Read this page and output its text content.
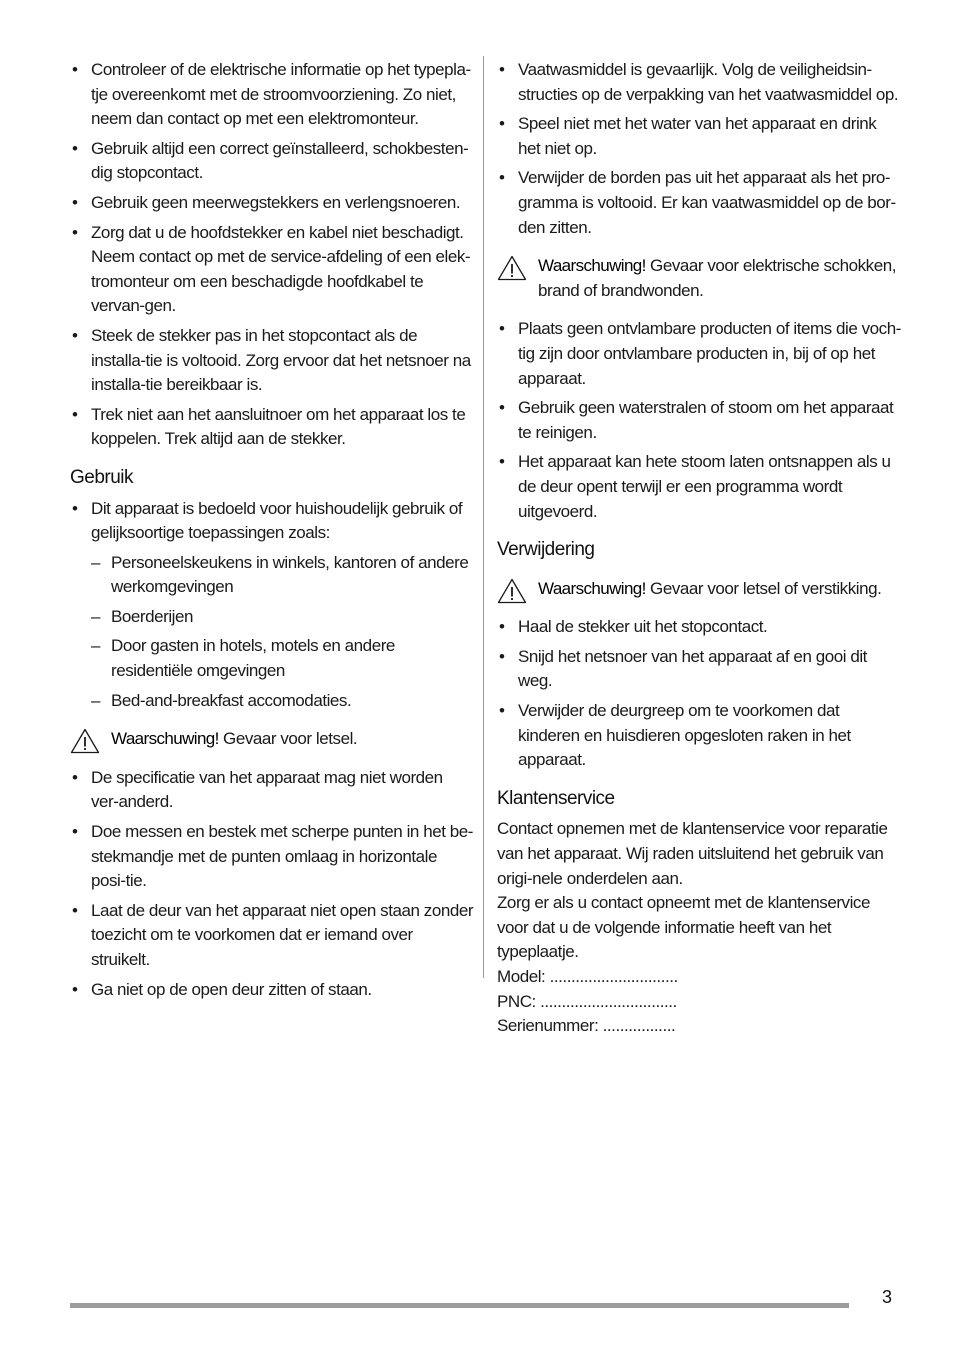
• Controleer of de elektrische informatie op het typepla-tje overeenkomt met de stroomvoorziening. Zo niet, neem dan contact op met een elektromonteur.
• Gebruik altijd een correct geïnstalleerd, schokbesten-dig stopcontact.
• Gebruik geen meerwegstekkers en verlengsnoeren.
• Zorg dat u de hoofdstekker en kabel niet beschadigt. Neem contact op met de service-afdeling of een elek-tromonteur om een beschadigde hoofdkabel te vervan-gen.
• Steek de stekker pas in het stopcontact als de installa-tie is voltooid. Zorg ervoor dat het netsnoer na installa-tie bereikbaar is.
• Trek niet aan het aansluitnoer om het apparaat los te koppelen. Trek altijd aan de stekker.
Gebruik
• Dit apparaat is bedoeld voor huishoudelijk gebruik of gelijksoortige toepassingen zoals:
– Personeelskeukens in winkels, kantoren of andere werkomgevingen
– Boerderijen
– Door gasten in hotels, motels en andere residentiële omgevingen
– Bed-and-breakfast accomodaties.
Waarschuwing! Gevaar voor letsel.
• De specificatie van het apparaat mag niet worden ver-anderd.
• Doe messen en bestek met scherpe punten in het be-stekmandje met de punten omlaag in horizontale posi-tie.
• Laat de deur van het apparaat niet open staan zonder toezicht om te voorkomen dat er iemand over struikelt.
• Ga niet op de open deur zitten of staan.
• Vaatwasmiddel is gevaarlijk. Volg de veiligheidsin-structies op de verpakking van het vaatwasmiddel op.
• Speel niet met het water van het apparaat en drink het niet op.
• Verwijder de borden pas uit het apparaat als het pro-gramma is voltooid. Er kan vaatwasmiddel op de bor-den zitten.
Waarschuwing! Gevaar voor elektrische schokken, brand of brandwonden.
• Plaats geen ontvlambare producten of items die voch-tig zijn door ontvlambare producten in, bij of op het apparaat.
• Gebruik geen waterstralen of stoom om het apparaat te reinigen.
• Het apparaat kan hete stoom laten ontsnappen als u de deur opent terwijl er een programma wordt uitgevoerd.
Verwijdering
Waarschuwing! Gevaar voor letsel of verstikking.
• Haal de stekker uit het stopcontact.
• Snijd het netsnoer van het apparaat af en gooi dit weg.
• Verwijder de deurgreep om te voorkomen dat kinderen en huisdieren opgesloten raken in het apparaat.
Klantenservice

Contact opnemen met de klantenservice voor reparatie van het apparaat. Wij raden uitsluitend het gebruik van origi-nele onderdelen aan.

Zorg er als u contact opneemt met de klantenservice voor dat u de volgende informatie heeft van het typeplaatje.

Model: ..............................

PNC: ................................

Serienummer: .................

3
